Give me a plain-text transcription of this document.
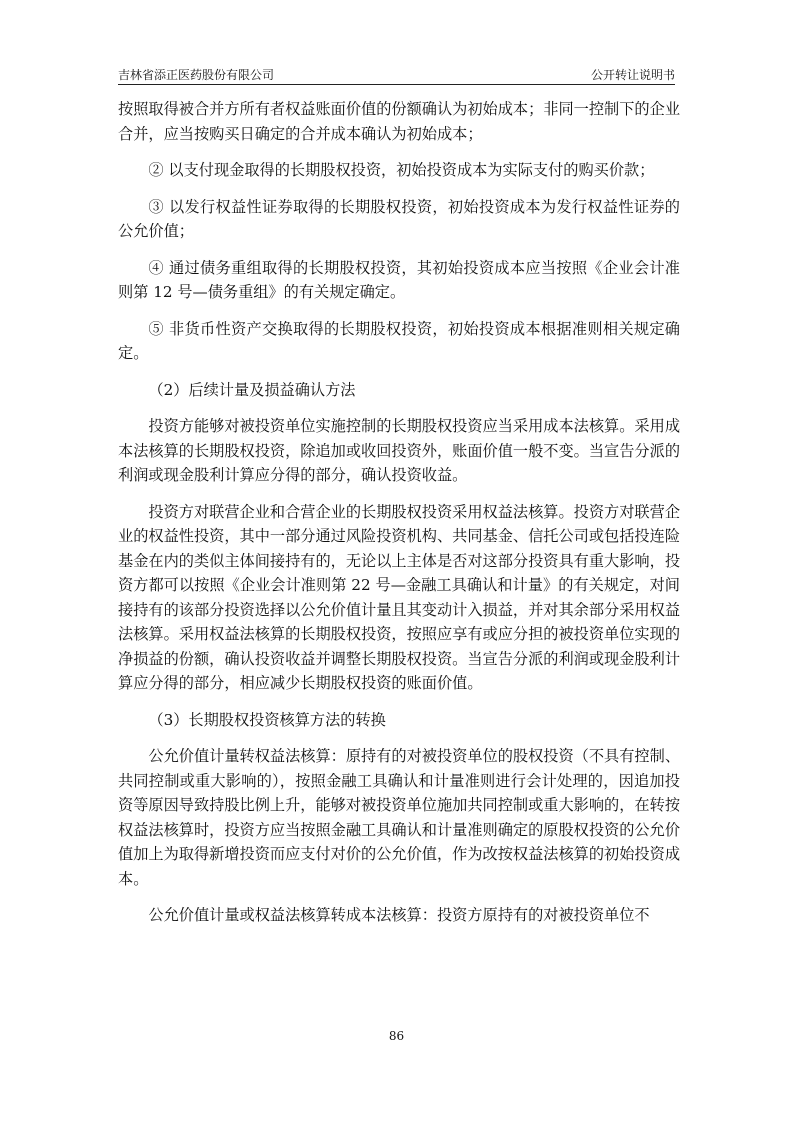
吉林省添正医药股份有限公司	公开转让说明书

按照取得被合并方所有者权益账面价值的份额确认为初始成本；非同一控制下的企业合并，应当按购买日确定的合并成本确认为初始成本；

② 以支付现金取得的长期股权投资，初始投资成本为实际支付的购买价款；

③ 以发行权益性证券取得的长期股权投资，初始投资成本为发行权益性证券的公允价值；

④ 通过债务重组取得的长期股权投资，其初始投资成本应当按照《企业会计准则第 12 号—债务重组》的有关规定确定。

⑤ 非货币性资产交换取得的长期股权投资，初始投资成本根据准则相关规定确定。

（2）后续计量及损益确认方法

投资方能够对被投资单位实施控制的长期股权投资应当采用成本法核算。采用成本法核算的长期股权投资，除追加或收回投资外，账面价值一般不变。当宣告分派的利润或现金股利计算应分得的部分，确认投资收益。

投资方对联营企业和合营企业的长期股权投资采用权益法核算。投资方对联营企业的权益性投资，其中一部分通过风险投资机构、共同基金、信托公司或包括投连险基金在内的类似主体间接持有的，无论以上主体是否对这部分投资具有重大影响，投资方都可以按照《企业会计准则第 22 号—金融工具确认和计量》的有关规定，对间接持有的该部分投资选择以公允价值计量且其变动计入损益，并对其余部分采用权益法核算。采用权益法核算的长期股权投资，按照应享有或应分担的被投资单位实现的净损益的份额，确认投资收益并调整长期股权投资。当宣告分派的利润或现金股利计算应分得的部分，相应减少长期股权投资的账面价值。

（3）长期股权投资核算方法的转换

公允价值计量转权益法核算：原持有的对被投资单位的股权投资（不具有控制、共同控制或重大影响的），按照金融工具确认和计量准则进行会计处理的，因追加投资等原因导致持股比例上升，能够对被投资单位施加共同控制或重大影响的，在转按权益法核算时，投资方应当按照金融工具确认和计量准则确定的原股权投资的公允价值加上为取得新增投资而应支付对价的公允价值，作为改按权益法核算的初始投资成本。

公允价值计量或权益法核算转成本法核算：投资方原持有的对被投资单位不

86
